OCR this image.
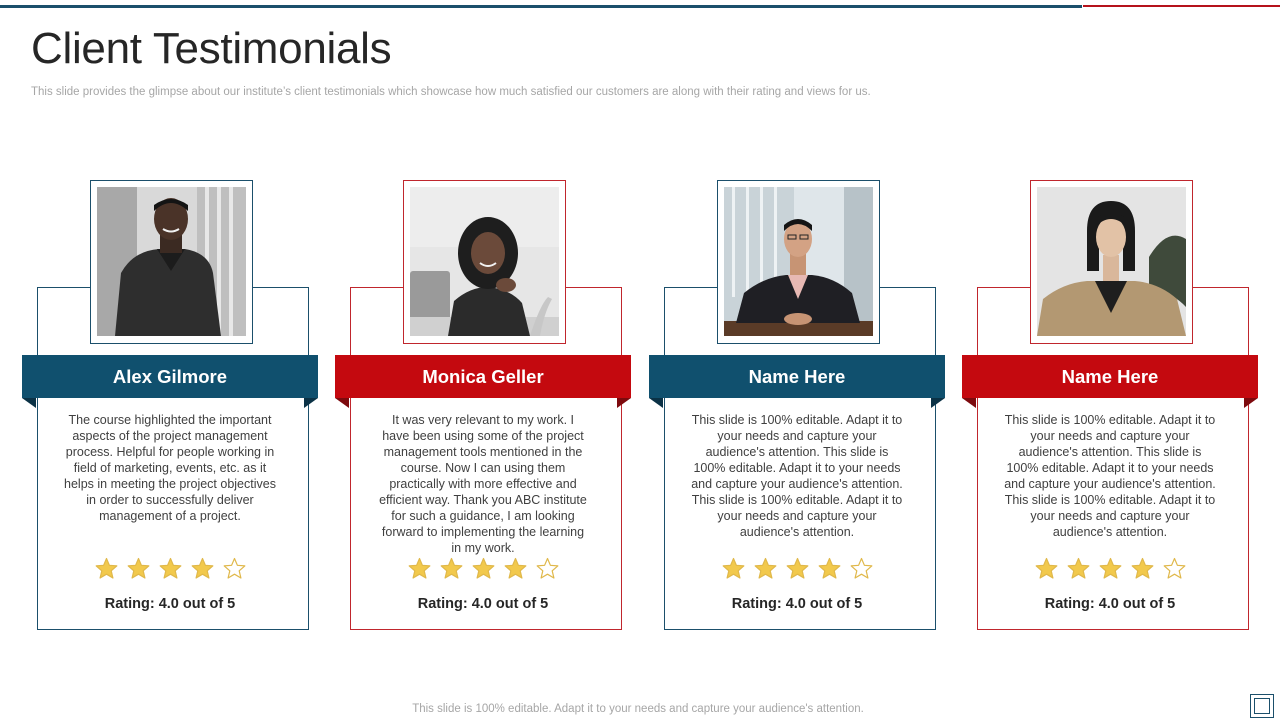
Client Testimonials
This slide provides the glimpse about our institute’s client testimonials which showcase how much satisfied our customers are along with their rating and views for us.
Alex Gilmore
The course highlighted the important aspects of the project management process. Helpful for people working in field of marketing, events, etc. as it helps in meeting the project objectives in order to successfully deliver management of a project.
Rating: 4.0 out of 5
Monica Geller
It was very relevant to my work. I have been using some of the project management tools mentioned in the course. Now I can using them practically with more effective and efficient way. Thank you ABC institute for such a guidance, I am looking forward to implementing the learning in my work.
Rating: 4.0 out of 5
Name Here
This slide is 100% editable. Adapt it to your needs and capture your audience's attention. This slide is 100% editable. Adapt it to your needs and capture your audience's attention. This slide is 100% editable. Adapt it to your needs and capture your audience's attention.
Rating: 4.0 out of 5
Name Here
This slide is 100% editable. Adapt it to your needs and capture your audience's attention. This slide is 100% editable. Adapt it to your needs and capture your audience's attention. This slide is 100% editable. Adapt it to your needs and capture your audience's attention.
Rating: 4.0 out of 5
This slide is 100% editable. Adapt it to your needs and capture your audience's attention.
